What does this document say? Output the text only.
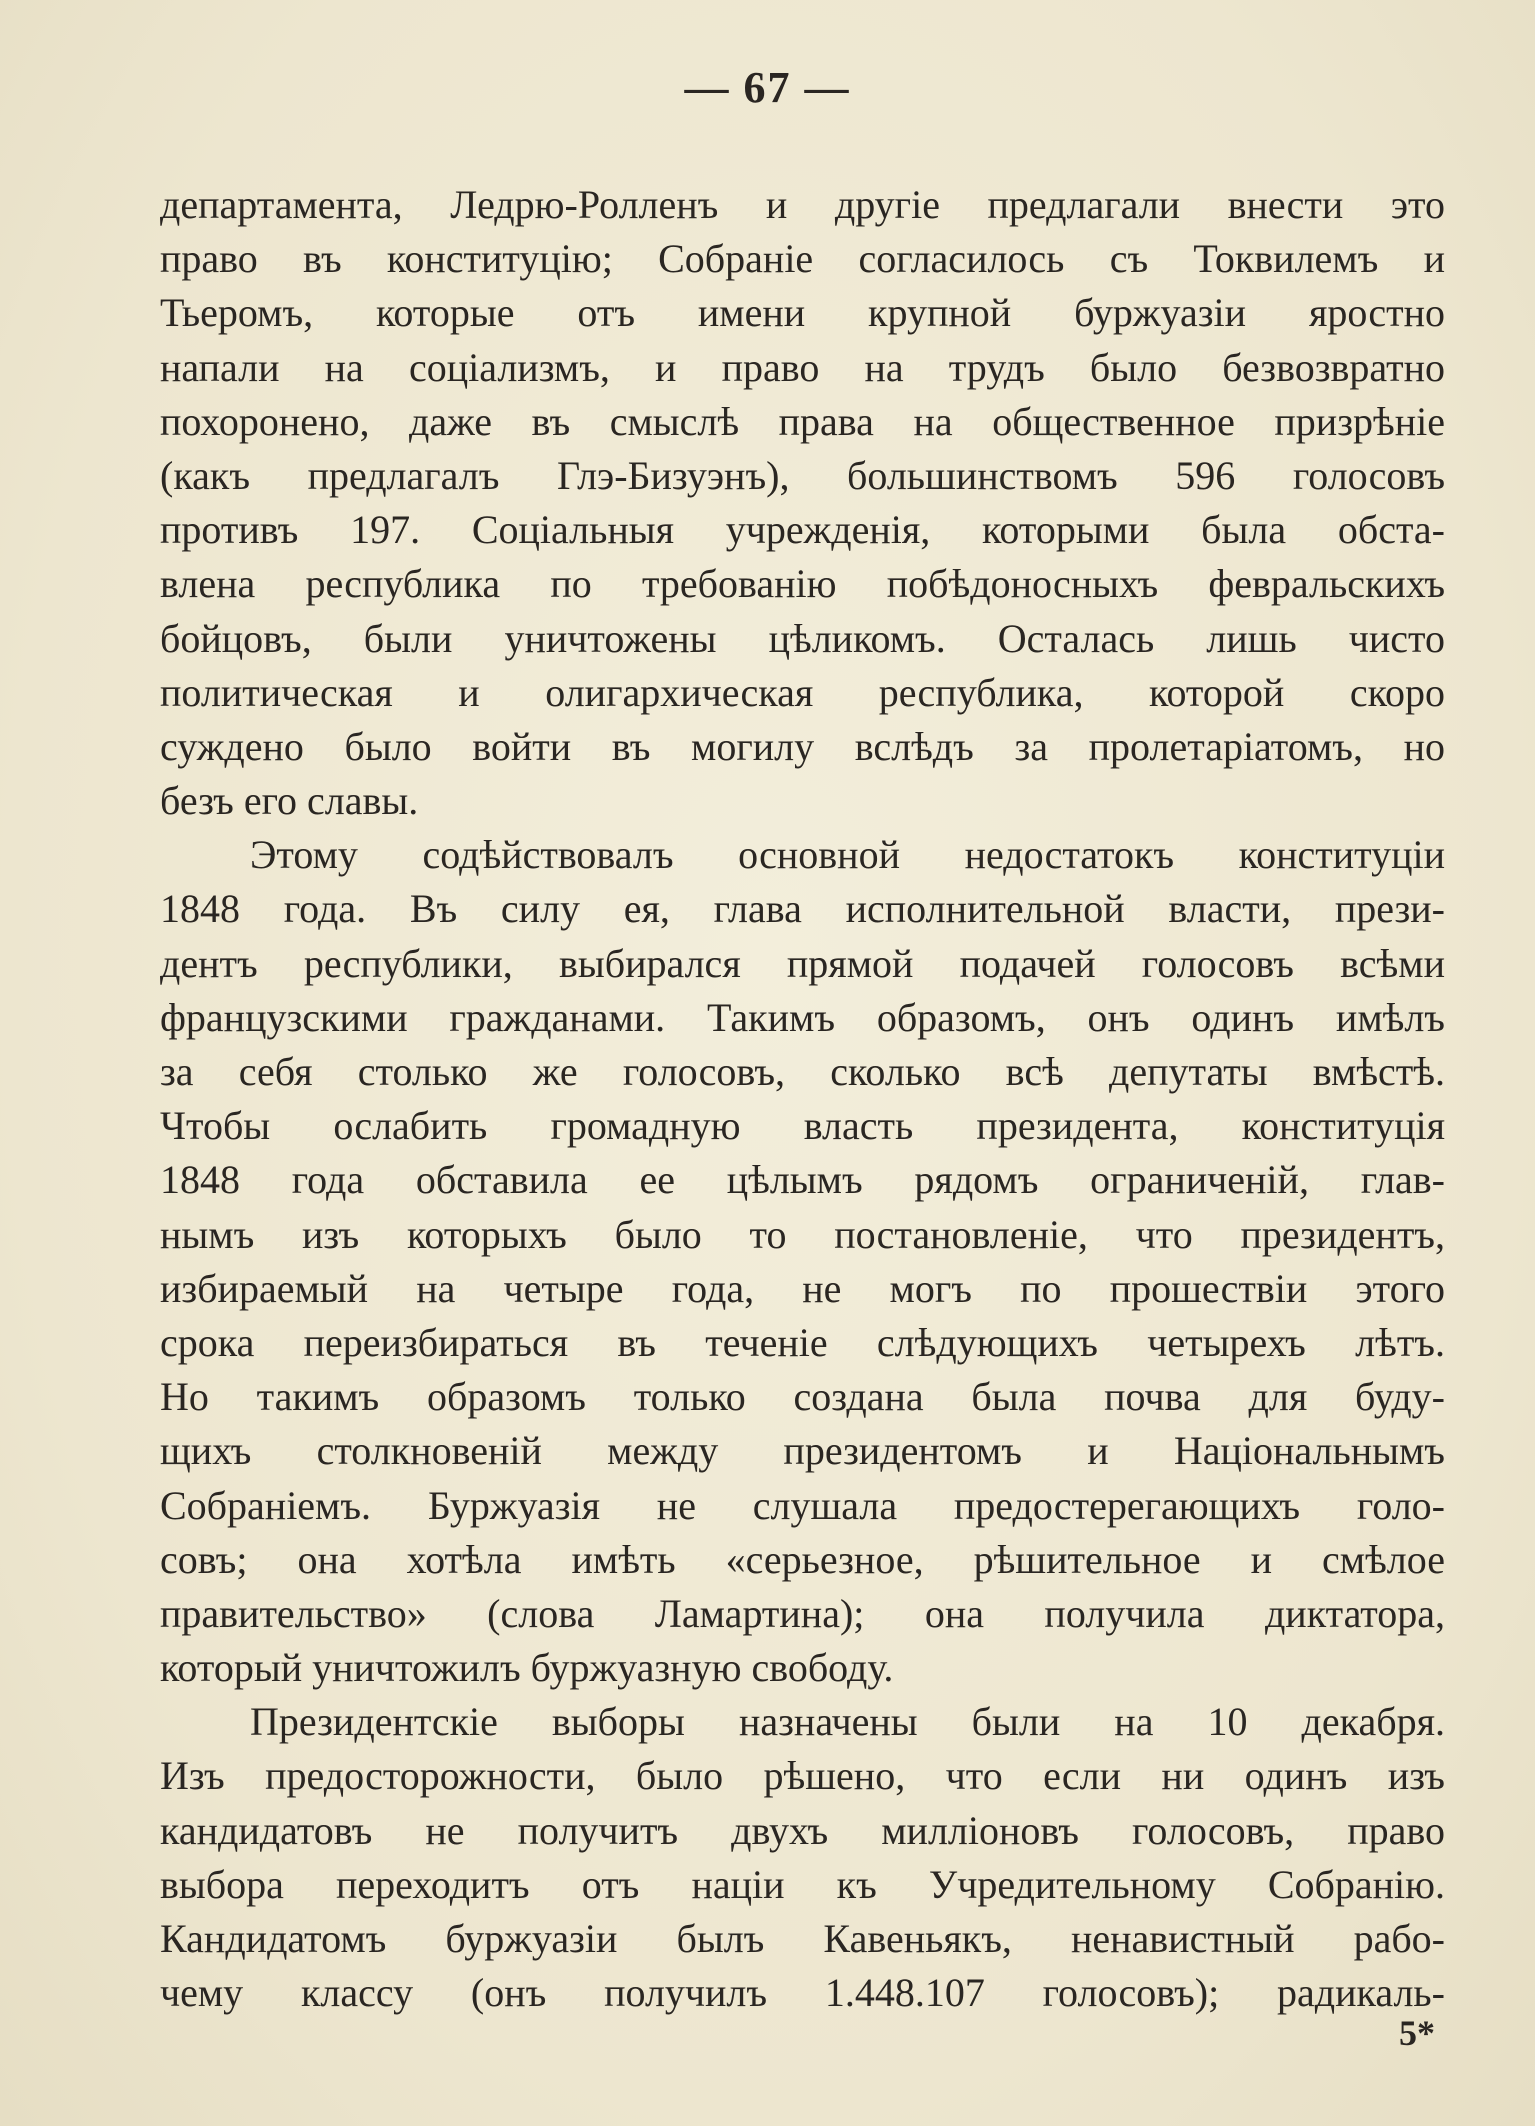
— 67 —
департамента, Ледрю-Ролленъ и другіе предлагали внести это
право въ конституцію; Собраніе согласилось съ Токвилемъ и
Тьеромъ, которые отъ имени крупной буржуазіи яростно
напали на соціализмъ, и право на трудъ было безвозвратно
похоронено, даже въ смыслѣ права на общественное призрѣніе
(какъ предлагалъ Глэ-Бизуэнъ), большинствомъ 596 голосовъ
противъ 197. Соціальныя учрежденія, которыми была обста-
влена республика по требованію побѣдоносныхъ февральскихъ
бойцовъ, были уничтожены цѣликомъ. Осталась лишь чисто
политическая и олигархическая республика, которой скоро
суждено было войти въ могилу вслѣдъ за пролетаріатомъ, но
безъ его славы.
Этому содѣйствовалъ основной недостатокъ конституціи
1848 года. Въ силу ея, глава исполнительной власти, прези-
дентъ республики, выбирался прямой подачей голосовъ всѣми
французскими гражданами. Такимъ образомъ, онъ одинъ имѣлъ
за себя столько же голосовъ, сколько всѣ депутаты вмѣстѣ.
Чтобы ослабить громадную власть президента, конституція
1848 года обставила ее цѣлымъ рядомъ ограниченій, глав-
нымъ изъ которыхъ было то постановленіе, что президентъ,
избираемый на четыре года, не могъ по прошествіи этого
срока переизбираться въ теченіе слѣдующихъ четырехъ лѣтъ.
Но такимъ образомъ только создана была почва для буду-
щихъ столкновеній между президентомъ и Національнымъ
Собраніемъ. Буржуазія не слушала предостерегающихъ голо-
совъ; она хотѣла имѣть «серьезное, рѣшительное и смѣлое
правительство» (слова Ламартина); она получила диктатора,
который уничтожилъ буржуазную свободу.
Президентскіе выборы назначены были на 10 декабря.
Изъ предосторожности, было рѣшено, что если ни одинъ изъ
кандидатовъ не получитъ двухъ милліоновъ голосовъ, право
выбора переходитъ отъ націи къ Учредительному Собранію.
Кандидатомъ буржуазіи былъ Кавеньякъ, ненавистный рабо-
чему классу (онъ получилъ 1.448.107 голосовъ); радикаль-
5*
